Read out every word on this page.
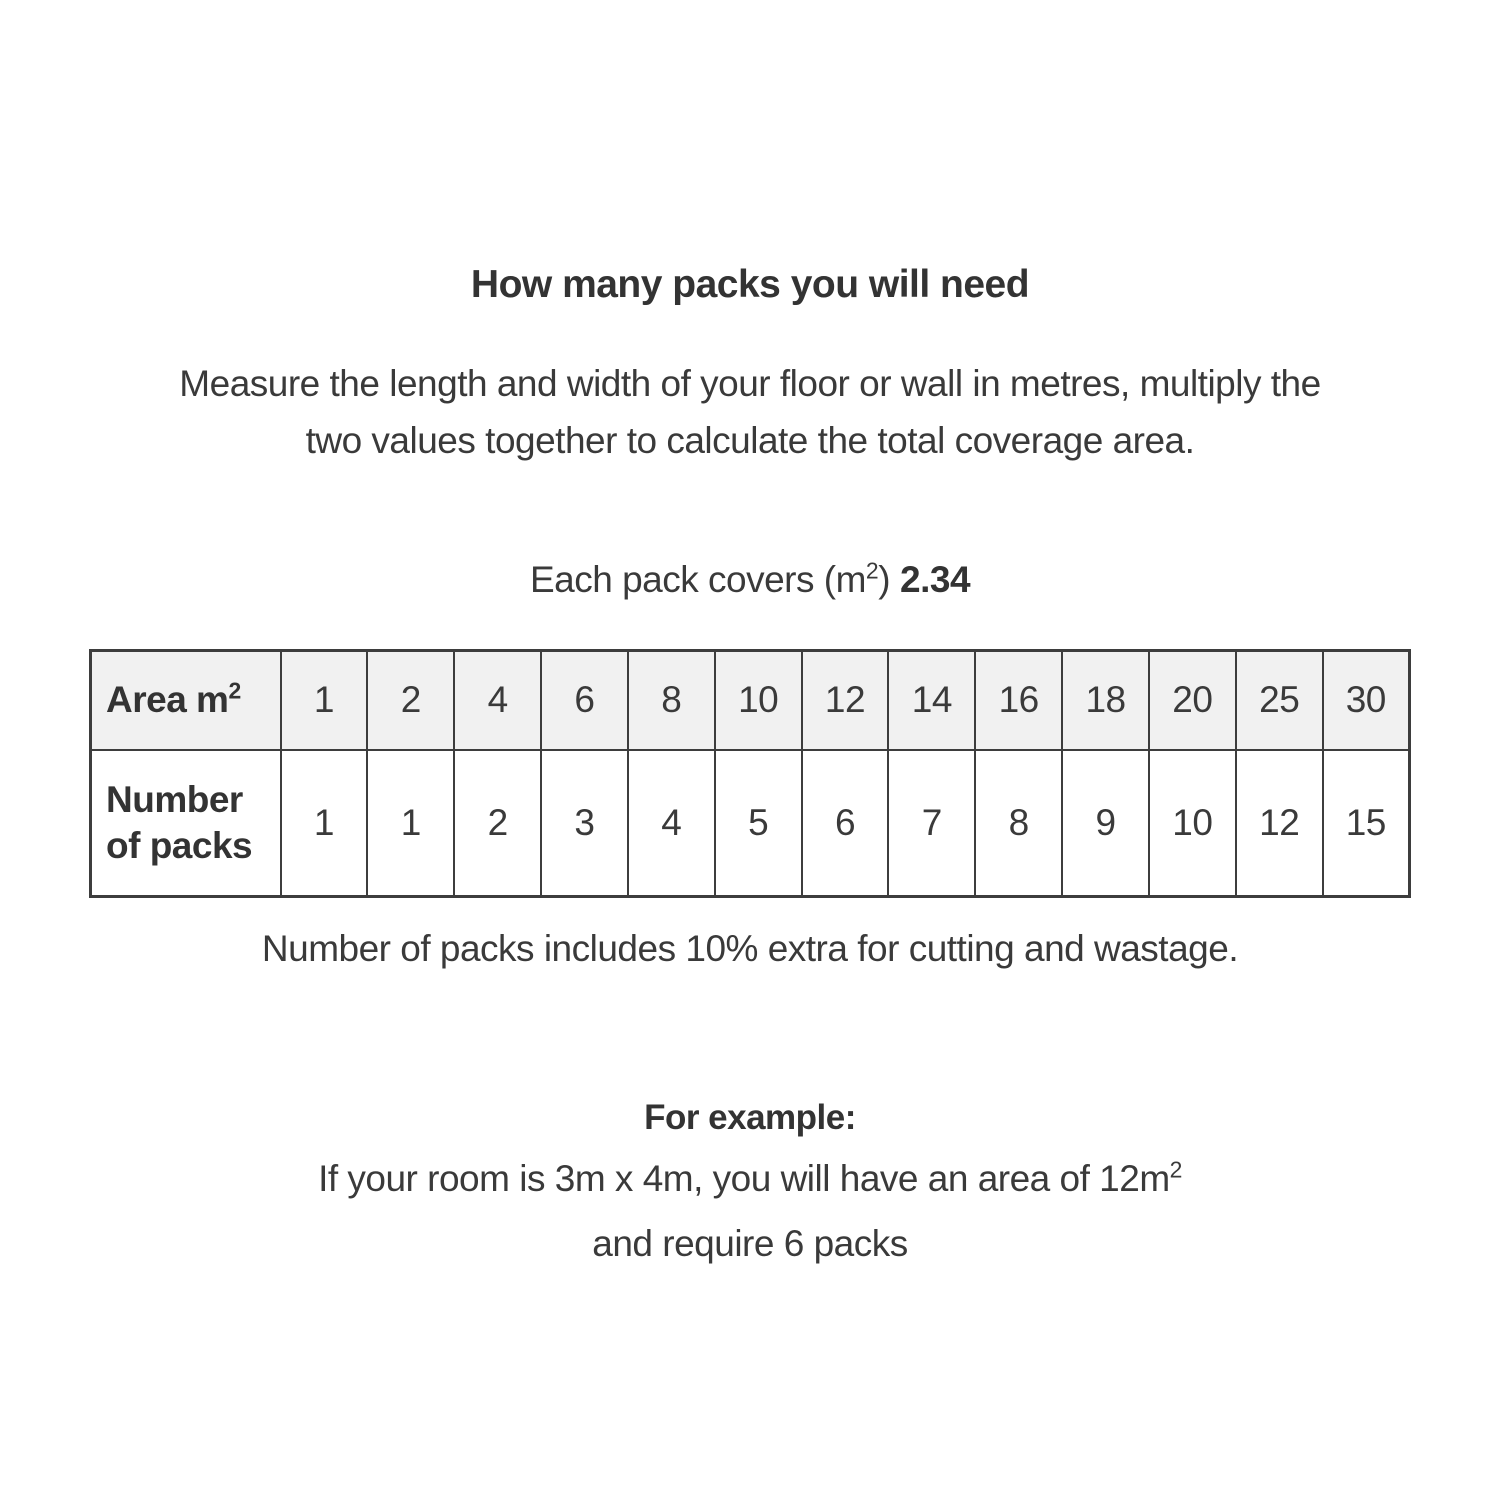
How many packs you will need
Measure the length and width of your floor or wall in metres, multiply the
two values together to calculate the total coverage area.
Each pack covers $(m^2)$ 2.34
Area $m^2$	1	2	4	6	8	10	12	14	16	18	20	25	30

Number
of packs	1	1	2	3	4	5	6	7	8	9	10	12	15
Number of packs includes 10% extra for cutting and wastage.
For example:
If your room is 3m x 4m, you will have an area of $12m^2$
and require 6 packs
